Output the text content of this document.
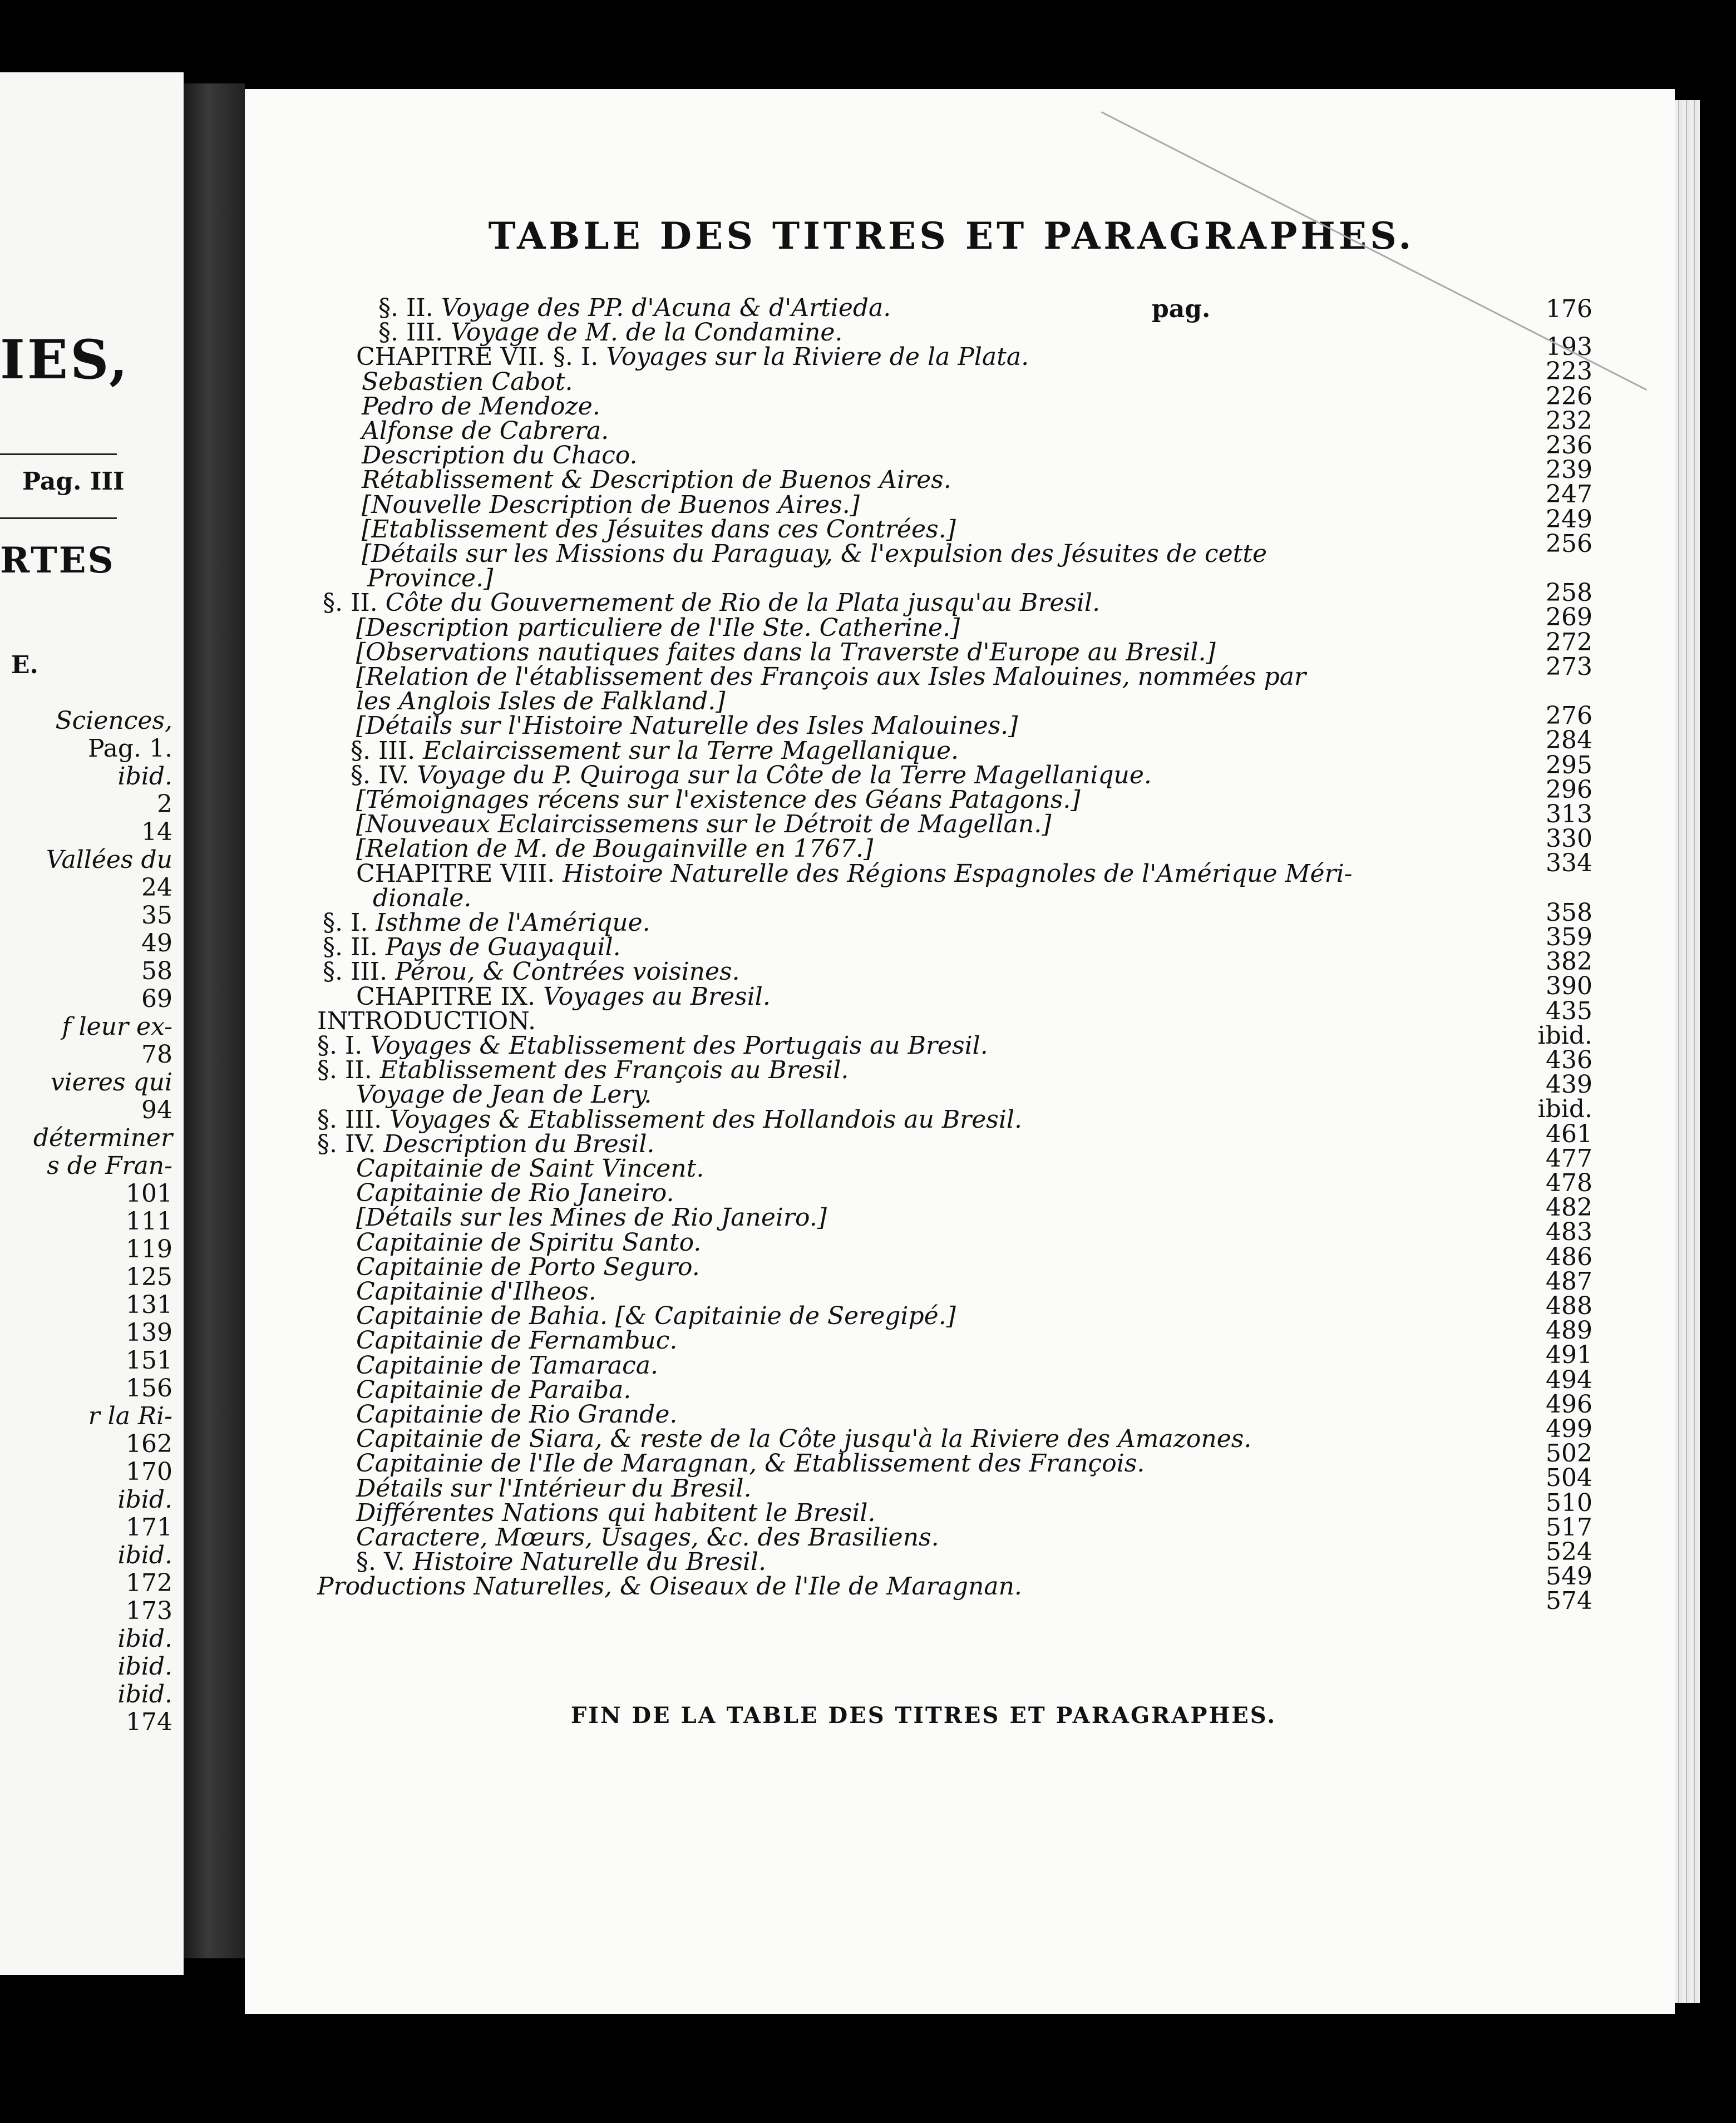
IES,
Pag. III
RTES
E.
Sciences,
Pag. 1.
ibid.
2
14
Vallées du
24
35
49
58
69
f leur ex-
78
vieres qui
94
déterminer
s de Fran-
101
111
119
125
131
139
151
156
r la Ri-
162
170
ibid.
171
ibid.
172
173
ibid.
ibid.
ibid.
174
TABLE DES TITRES ET PARAGRAPHES.
pag.
§. II. Voyage des PP. d'Acuna & d'Artieda.	176
§. III. Voyage de M. de la Condamine.
193
CHAPITRE VII. §. I. Voyages sur la Riviere de la Plata.
223
Sebastien Cabot.
226
Pedro de Mendoze.
232
Alfonse de Cabrera.
236
Description du Chaco.
239
Rétablissement & Description de Buenos Aires.
247
[Nouvelle Description de Buenos Aires.]
249
[Etablissement des Jésuites dans ces Contrées.]
256
[Détails sur les Missions du Paraguay, & l'expulsion des Jésuites de cette
Province.]
258
§. II. Côte du Gouvernement de Rio de la Plata jusqu'au Bresil.
269
[Description particuliere de l'Ile Ste. Catherine.]
272
[Observations nautiques faites dans la Traverste d'Europe au Bresil.]
273
[Relation de l'établissement des François aux Isles Malouines, nommées par
les Anglois Isles de Falkland.]
276
[Détails sur l'Histoire Naturelle des Isles Malouines.]
284
§. III. Eclaircissement sur la Terre Magellanique.
295
§. IV. Voyage du P. Quiroga sur la Côte de la Terre Magellanique.
296
[Témoignages récens sur l'existence des Géans Patagons.]
313
[Nouveaux Eclaircissemens sur le Détroit de Magellan.]
330
[Relation de M. de Bougainville en 1767.]
334
CHAPITRE VIII. Histoire Naturelle des Régions Espagnoles de l'Amérique Méri-
dionale.
358
§. I. Isthme de l'Amérique.
359
§. II. Pays de Guayaquil.
382
§. III. Pérou, & Contrées voisines.
390
CHAPITRE IX. Voyages au Bresil.
435
INTRODUCTION.
ibid.
§. I. Voyages & Etablissement des Portugais au Bresil.
436
§. II. Etablissement des François au Bresil.
439
Voyage de Jean de Lery.
ibid.
§. III. Voyages & Etablissement des Hollandois au Bresil.
461
§. IV. Description du Bresil.
477
Capitainie de Saint Vincent.
478
Capitainie de Rio Janeiro.
482
[Détails sur les Mines de Rio Janeiro.]
483
Capitainie de Spiritu Santo.
486
Capitainie de Porto Seguro.
487
Capitainie d'Ilheos.
488
Capitainie de Bahia. [& Capitainie de Seregipé.]
489
Capitainie de Fernambuc.
491
Capitainie de Tamaraca.
494
Capitainie de Paraiba.
496
Capitainie de Rio Grande.
499
Capitainie de Siara, & reste de la Côte jusqu'à la Riviere des Amazones.
502
Capitainie de l'Ile de Maragnan, & Etablissement des François.
504
Détails sur l'Intérieur du Bresil.
510
Différentes Nations qui habitent le Bresil.
517
Caractere, Mœurs, Usages, &c. des Brasiliens.
524
§. V. Histoire Naturelle du Bresil.
549
Productions Naturelles, & Oiseaux de l'Ile de Maragnan.
574
FIN DE LA TABLE DES TITRES ET PARAGRAPHES.
